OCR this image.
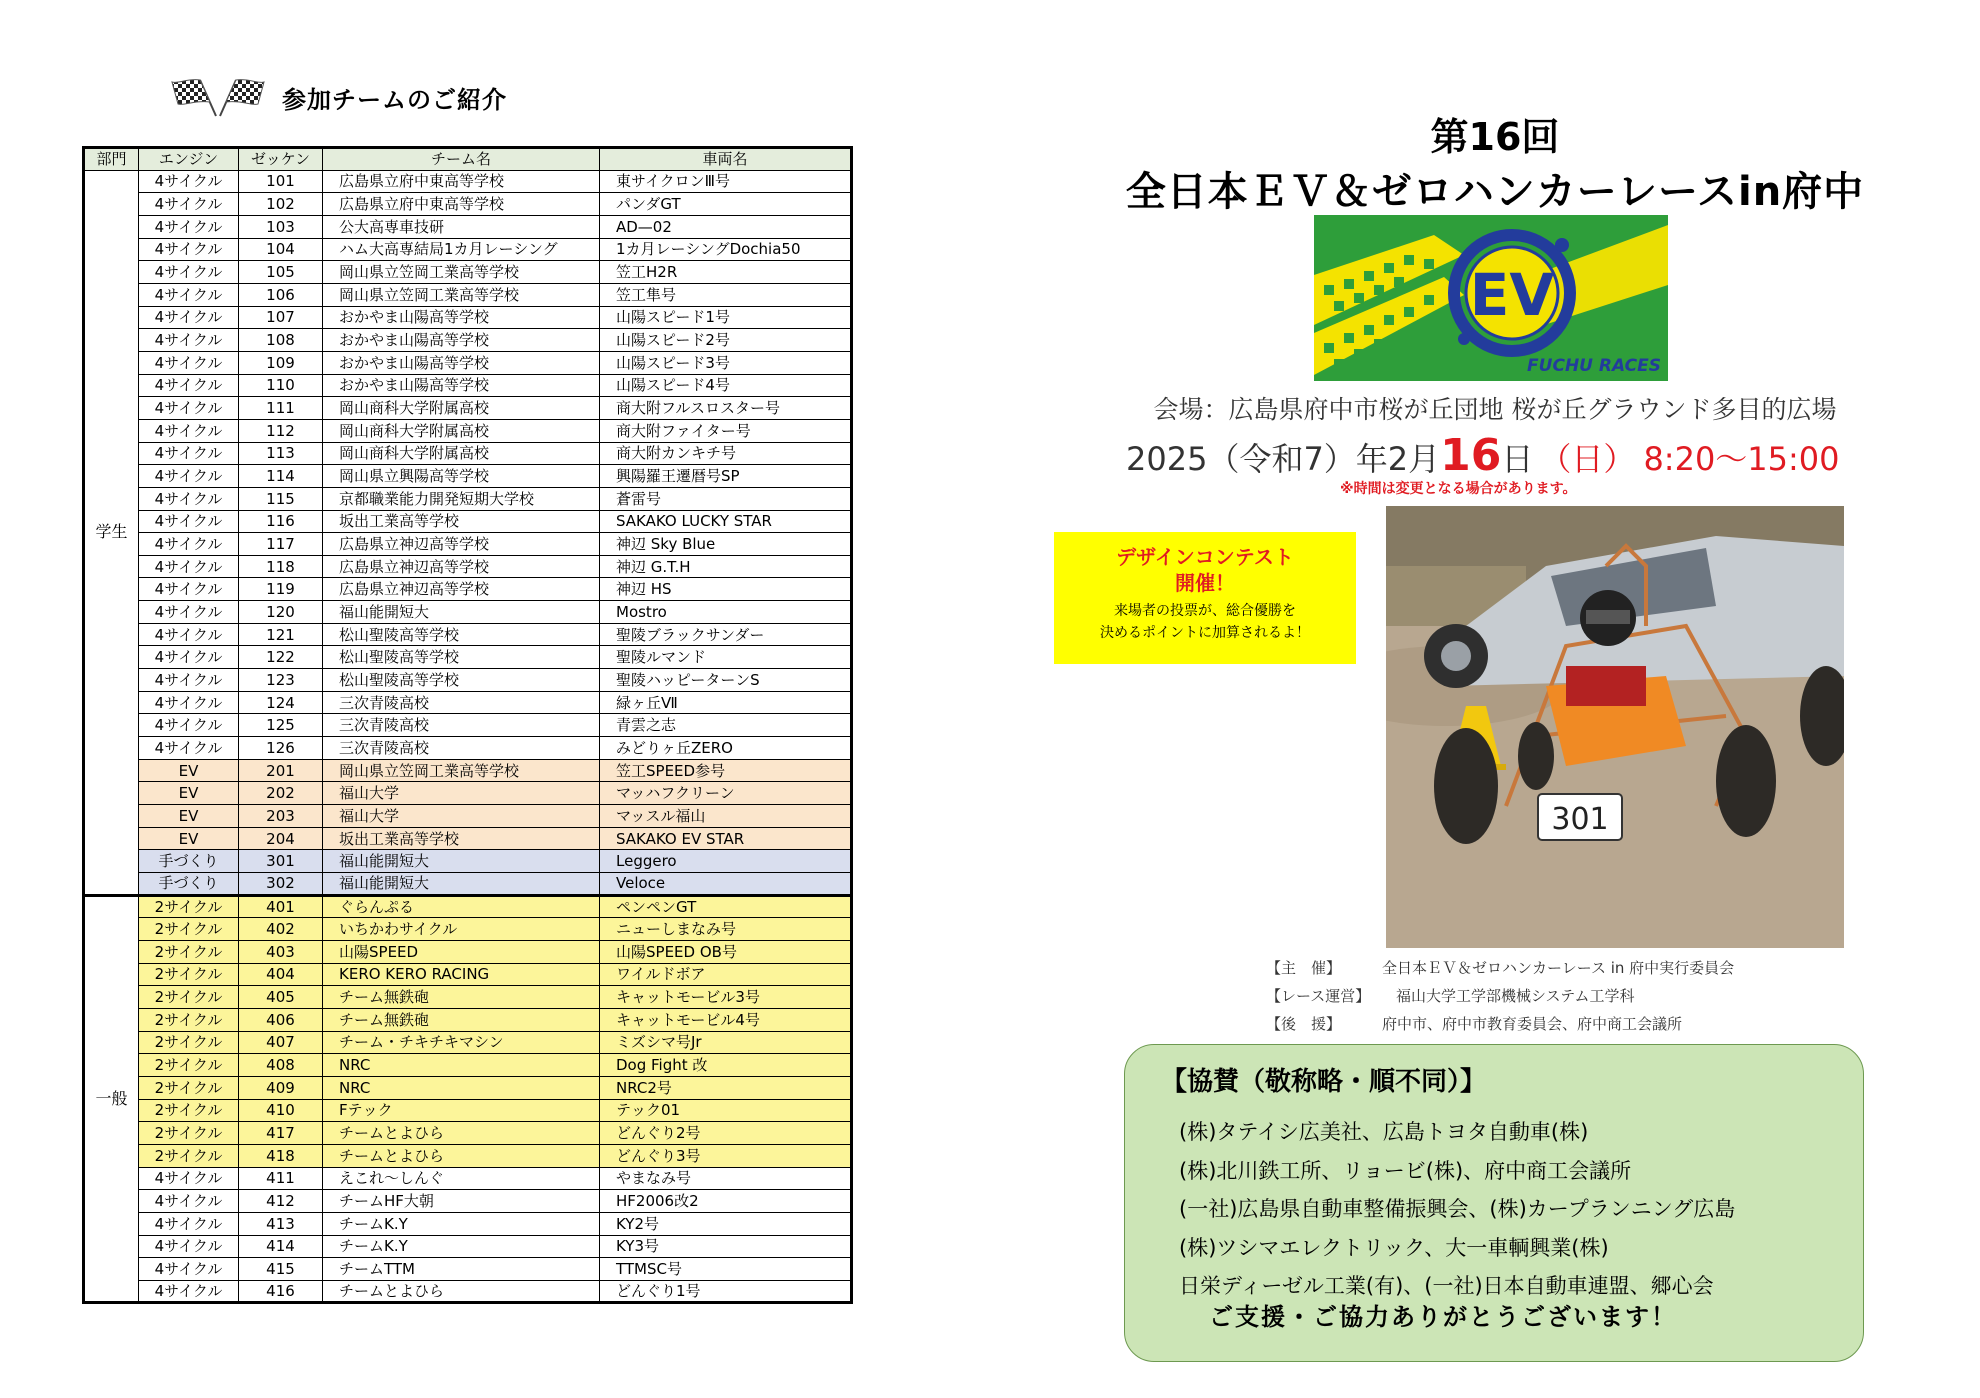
参加チームのご紹介
部門	エンジン	ゼッケン	チーム名	車両名
学生	4サイクル	101	広島県立府中東高等学校	東サイクロンⅢ号
	4サイクル	102	広島県立府中東高等学校	パンダGT
	4サイクル	103	公大高専車技研	AD—02
	4サイクル	104	ハム大高専結局1カ月レーシング	1カ月レーシングDochia50
	4サイクル	105	岡山県立笠岡工業高等学校	笠工H2R
	4サイクル	106	岡山県立笠岡工業高等学校	笠工隼号
	4サイクル	107	おかやま山陽高等学校	山陽スピード1号
	4サイクル	108	おかやま山陽高等学校	山陽スピード2号
	4サイクル	109	おかやま山陽高等学校	山陽スピード3号
	4サイクル	110	おかやま山陽高等学校	山陽スピード4号
	4サイクル	111	岡山商科大学附属高校	商大附フルスロスター号
	4サイクル	112	岡山商科大学附属高校	商大附ファイター号
	4サイクル	113	岡山商科大学附属高校	商大附カンキチ号
	4サイクル	114	岡山県立興陽高等学校	興陽羅王遷暦号SP
	4サイクル	115	京都職業能力開発短期大学校	蒼雷号
	4サイクル	116	坂出工業高等学校	SAKAKO LUCKY STAR
	4サイクル	117	広島県立神辺高等学校	神辺 Sky Blue
	4サイクル	118	広島県立神辺高等学校	神辺 G.T.H
	4サイクル	119	広島県立神辺高等学校	神辺 HS
	4サイクル	120	福山能開短大	Mostro
	4サイクル	121	松山聖陵高等学校	聖陵ブラックサンダー
	4サイクル	122	松山聖陵高等学校	聖陵ルマンド
	4サイクル	123	松山聖陵高等学校	聖陵ハッピーターンS
	4サイクル	124	三次青陵高校	緑ヶ丘Ⅶ
	4サイクル	125	三次青陵高校	青雲之志
	4サイクル	126	三次青陵高校	みどりヶ丘ZERO
	EV	201	岡山県立笠岡工業高等学校	笠工SPEED参号
	EV	202	福山大学	マッハフクリーン
	EV	203	福山大学	マッスル福山
	EV	204	坂出工業高等学校	SAKAKO EV STAR
	手づくり	301	福山能開短大	Leggero
	手づくり	302	福山能開短大	Veloce
一般	2サイクル	401	ぐらんぷる	ペンペンGT
	2サイクル	402	いちかわサイクル	ニューしまなみ号
	2サイクル	403	山陽SPEED	山陽SPEED OB号
	2サイクル	404	KERO KERO RACING	ワイルドボア
	2サイクル	405	チーム無鉄砲	キャットモービル3号
	2サイクル	406	チーム無鉄砲	キャットモービル4号
	2サイクル	407	チーム・チキチキマシン	ミズシマ号Jr
	2サイクル	408	NRC	Dog Fight 改
	2サイクル	409	NRC	NRC2号
	2サイクル	410	Fテック	テック01
	2サイクル	417	チームとよひら	どんぐり2号
	2サイクル	418	チームとよひら	どんぐり3号
	4サイクル	411	えこれ～しんぐ	やまなみ号
	4サイクル	412	チームHF大朝	HF2006改2
	4サイクル	413	チームK.Y	KY2号
	4サイクル	414	チームK.Y	KY3号
	4サイクル	415	チームTTM	TTMSC号
	4サイクル	416	チームとよひら	どんぐり1号
第16回
全日本ＥＶ＆ゼロハンカーレースin府中
EV
FUCHU RACES
会場：広島県府中市桜が丘団地 桜が丘グラウンド多目的広場
2025（令和7）年2月 16 日 （日） 8:20～15:00
※時間は変更となる場合があります。
デザインコンテスト
開催！
来場者の投票が、総合優勝を
決めるポイントに加算されるよ！
301
【主　催】	全日本ＥＶ＆ゼロハンカーレース in 府中実行委員会
【レース運営】 福山大学工学部機械システム工学科
【後　援】	府中市、府中市教育委員会、府中商工会議所
【協賛（敬称略・順不同）】
(株)タテイシ広美社、広島トヨタ自動車(株)
(株)北川鉄工所、リョービ(株)、府中商工会議所
(一社)広島県自動車整備振興会、(株)カープランニング広島
(株)ツシマエレクトリック、大一車輌興業(株)
日栄ディーゼル工業(有)、(一社)日本自動車連盟、郷心会
ご支援・ご協力ありがとうございます！
